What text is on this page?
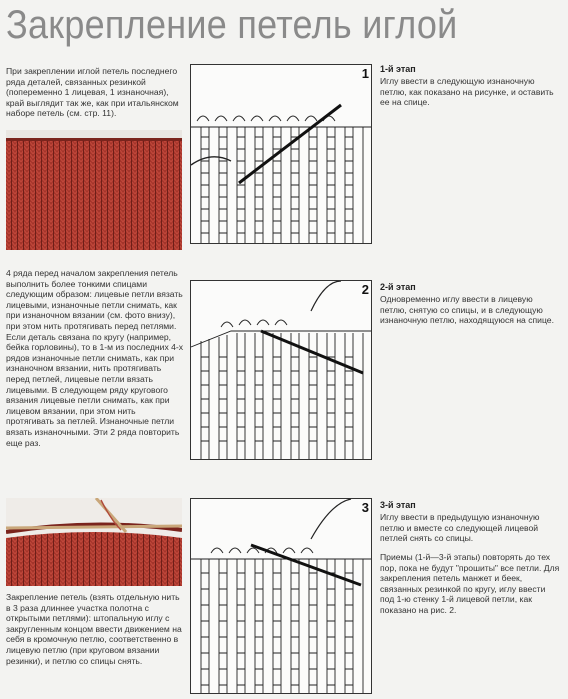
Закрепление петель иглой
При закреплении иглой петель последнего ряда деталей, связанных резинкой (попеременно 1 лицевая, 1 изнаночная), край выглядит так же, как при итальянском наборе петель (см. стр. 11).
1 1-й этап
Иглу ввести в следующую изнаночную петлю, как показано на рисунке, и оставить ее на спице.
4 ряда перед началом закрепления петель выполнить более тонкими спицами следующим образом: лицевые петли вязать лицевыми, изнаночные петли снимать, как при изнаночном вязании (см. фото внизу), при этом нить протягивать перед петлями. Если деталь связана по кругу (например, бейка горловины), то в 1-м из последних 4-х рядов изнаночные петли снимать, как при изнаночном вязании, нить протягивать перед петлей, лицевые петли вязать лицевыми. В следующем ряду кругового вязания лицевые петли снимать, как при лицевом вязании, при этом нить протягивать за петлей. Изнаночные петли вязать изнаночными. Эти 2 ряда повторить еще раз.
2 2-й этап
Одновременно иглу ввести в лицевую петлю, снятую со спицы, и в следующую изнаночную петлю, находящуюся на спице.
Закрепление петель (взять отдельную нить в 3 раза длиннее участка полотна с открытыми петлями): штопальную иглу с закругленным концом ввести движением на себя в кромочную петлю, соответственно в лицевую петлю (при круговом вязании резинки), и петлю со спицы снять.
3 3-й этап
Иглу ввести в предыдущую изнаночную петлю и вместе со следующей лицевой петлей снять со спицы.
Приемы (1-й—3-й этапы) повторять до тех пор, пока не будут "прошиты" все петли. Для закрепления петель манжет и беек, связанных резинкой по кругу, иглу ввести под 1-ю стенку 1-й лицевой петли, как показано на рис. 2.
